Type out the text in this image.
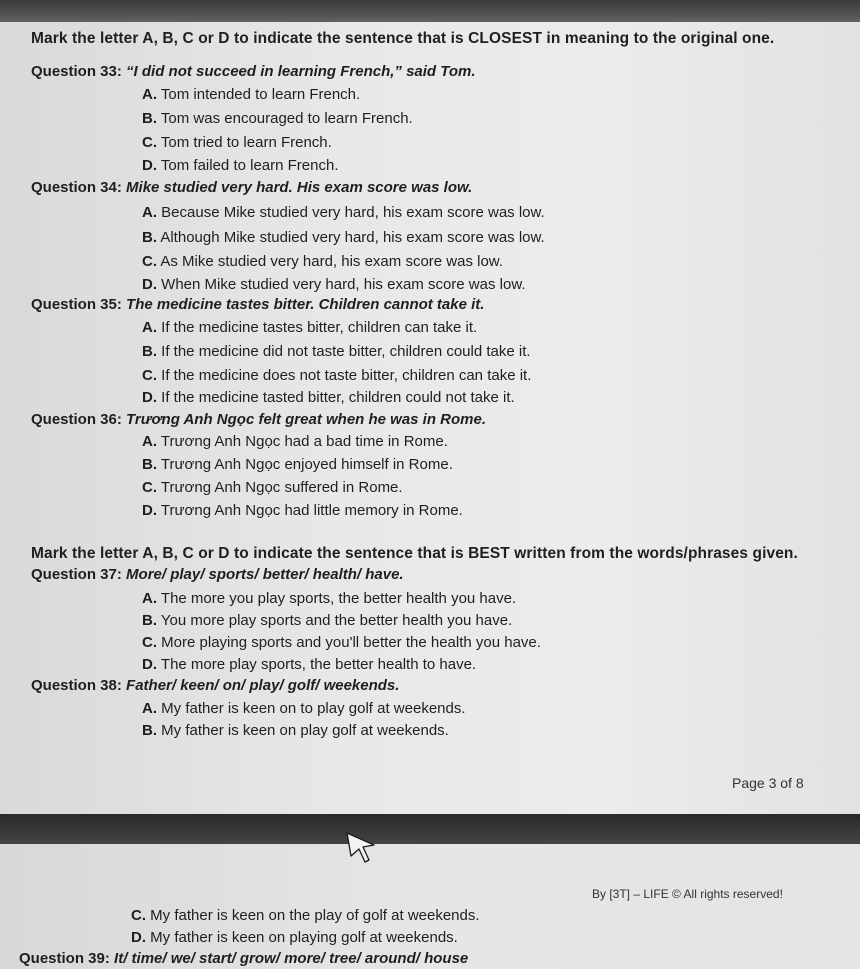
Mark the letter A, B, C or D to indicate the sentence that is CLOSEST in meaning to the original one.
Question 33: “I did not succeed in learning French,” said Tom.
A. Tom intended to learn French.
B. Tom was encouraged to learn French.
C. Tom tried to learn French.
D. Tom failed to learn French.
Question 34: Mike studied very hard. His exam score was low.
A. Because Mike studied very hard, his exam score was low.
B. Although Mike studied very hard, his exam score was low.
C. As Mike studied very hard, his exam score was low.
D. When Mike studied very hard, his exam score was low.
Question 35: The medicine tastes bitter. Children cannot take it.
A. If the medicine tastes bitter, children can take it.
B. If the medicine did not taste bitter, children could take it.
C. If the medicine does not taste bitter, children can take it.
D. If the medicine tasted bitter, children could not take it.
Question 36: Trương Anh Ngọc felt great when he was in Rome.
A. Trương Anh Ngọc had a bad time in Rome.
B. Trương Anh Ngọc enjoyed himself in Rome.
C. Trương Anh Ngọc suffered in Rome.
D. Trương Anh Ngọc had little memory in Rome.
Mark the letter A, B, C or D to indicate the sentence that is BEST written from the words/phrases given.
Question 37: More/ play/ sports/ better/ health/ have.
A. The more you play sports, the better health you have.
B. You more play sports and the better health you have.
C. More playing sports and you'll better the health you have.
D. The more play sports, the better health to have.
Question 38: Father/ keen/ on/ play/ golf/ weekends.
A. My father is keen on to play golf at weekends.
B. My father is keen on play golf at weekends.
Page 3 of 8
By [3T] – LIFE © All rights reserved!
C. My father is keen on the play of golf at weekends.
D. My father is keen on playing golf at weekends.
Question 39: It/ time/ we/ start/ grow/ more/ tree/ around/ house
